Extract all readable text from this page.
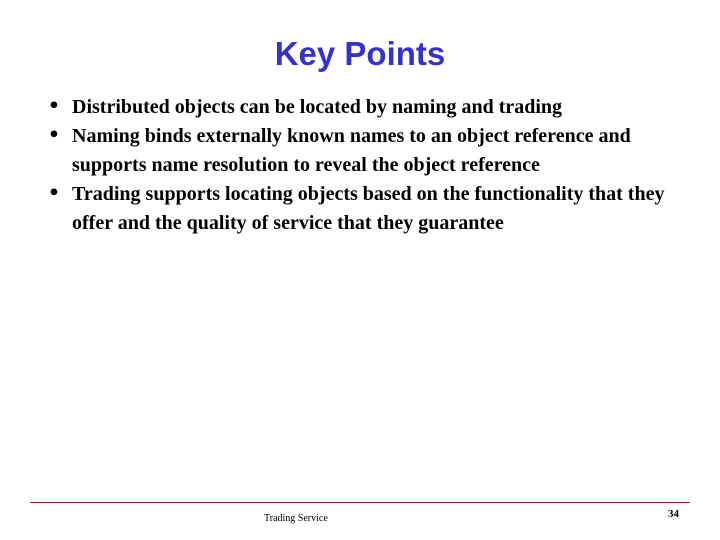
Key Points
• Distributed objects can be located by naming and trading
• Naming binds externally known names to an object reference and supports name resolution to reveal the object reference
• Trading supports locating objects based on the functionality that they offer and the quality of service that they guarantee
Trading Service	34
